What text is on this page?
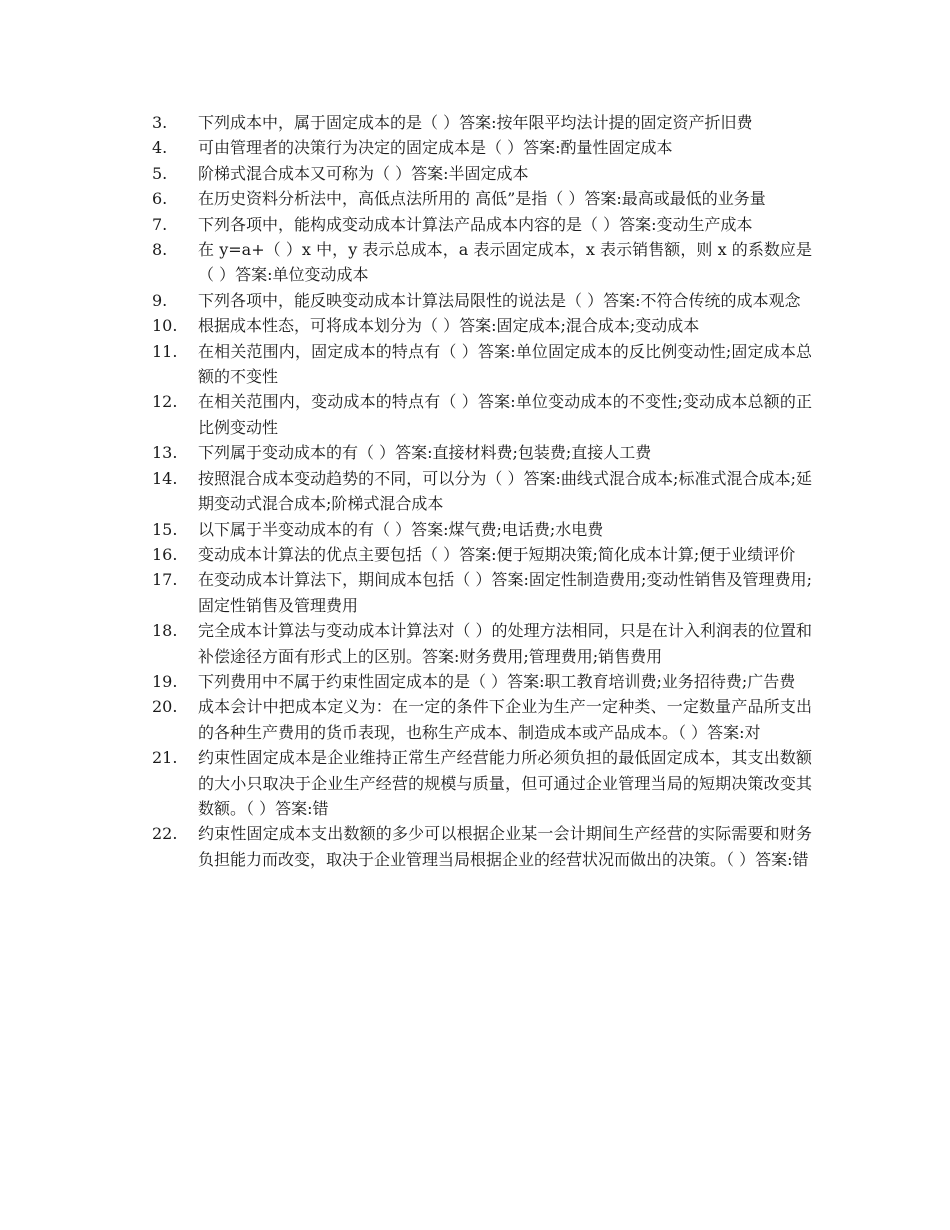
3.	下列成本中，属于固定成本的是（ ）答案:按年限平均法计提的固定资产折旧费
4.	可由管理者的决策行为决定的固定成本是（ ）答案:酌量性固定成本
5.	阶梯式混合成本又可称为（ ）答案:半固定成本
6.	在历史资料分析法中，高低点法所用的 高低”是指（ ）答案:最高或最低的业务量
7.	下列各项中，能构成变动成本计算法产品成本内容的是（ ）答案:变动生产成本
8.	在 y=a+（ ）x 中，y 表示总成本，a 表示固定成本，x 表示销售额，则 x 的系数应是（ ）答案:单位变动成本
9.	下列各项中，能反映变动成本计算法局限性的说法是（ ）答案:不符合传统的成本观念
10.	根据成本性态，可将成本划分为（ ）答案:固定成本;混合成本;变动成本
11.	在相关范围内，固定成本的特点有（ ）答案:单位固定成本的反比例变动性;固定成本总额的不变性
12.	在相关范围内，变动成本的特点有（ ）答案:单位变动成本的不变性;变动成本总额的正比例变动性
13.	下列属于变动成本的有（ ）答案:直接材料费;包装费;直接人工费
14.	按照混合成本变动趋势的不同，可以分为（ ）答案:曲线式混合成本;标准式混合成本;延期变动式混合成本;阶梯式混合成本
15.	以下属于半变动成本的有（ ）答案:煤气费;电话费;水电费
16.	变动成本计算法的优点主要包括（ ）答案:便于短期决策;简化成本计算;便于业绩评价
17.	在变动成本计算法下，期间成本包括（ ）答案:固定性制造费用;变动性销售及管理费用;固定性销售及管理费用
18.	完全成本计算法与变动成本计算法对（ ）的处理方法相同，只是在计入利润表的位置和补偿途径方面有形式上的区别。答案:财务费用;管理费用;销售费用
19.	下列费用中不属于约束性固定成本的是（ ）答案:职工教育培训费;业务招待费;广告费
20.	成本会计中把成本定义为：在一定的条件下企业为生产一定种类、一定数量产品所支出的各种生产费用的货币表现，也称生产成本、制造成本或产品成本。（ ）答案:对
21.	约束性固定成本是企业维持正常生产经营能力所必须负担的最低固定成本，其支出数额的大小只取决于企业生产经营的规模与质量，但可通过企业管理当局的短期决策改变其数额。（ ）答案:错
22.	约束性固定成本支出数额的多少可以根据企业某一会计期间生产经营的实际需要和财务负担能力而改变，取决于企业管理当局根据企业的经营状况而做出的决策。（ ）答案:错
